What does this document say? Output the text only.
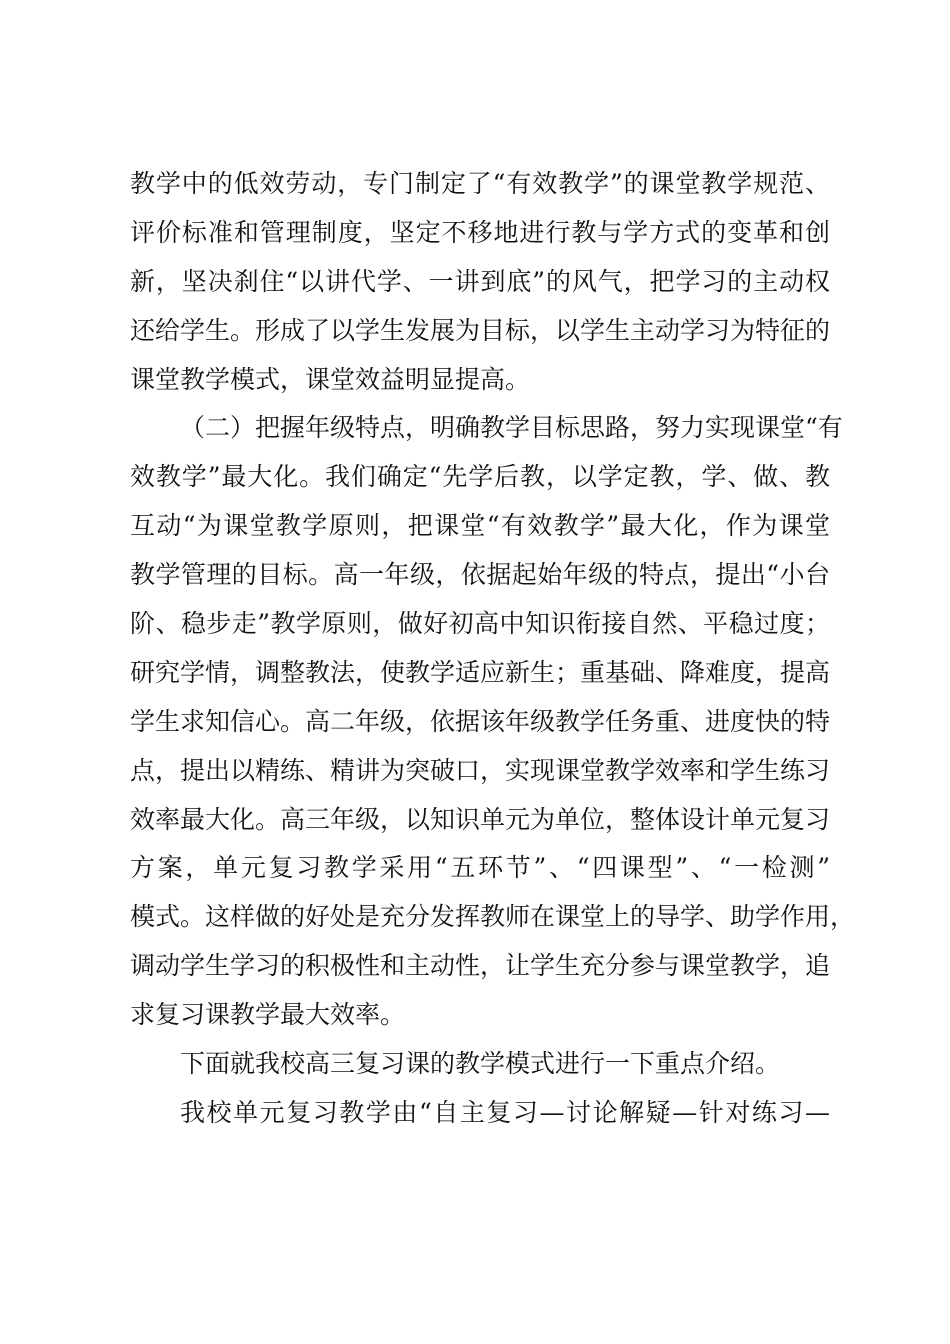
教学中的低效劳动，专门制定了“有效教学”的课堂教学规范、
评价标准和管理制度，坚定不移地进行教与学方式的变革和创
新，坚决刹住“以讲代学、一讲到底”的风气，把学习的主动权
还给学生。形成了以学生发展为目标，以学生主动学习为特征的
课堂教学模式，课堂效益明显提高。
（二）把握年级特点，明确教学目标思路，努力实现课堂“有
效教学”最大化。我们确定“先学后教，以学定教，学、做、教
互动“为课堂教学原则，把课堂“有效教学”最大化，作为课堂
教学管理的目标。高一年级，依据起始年级的特点，提出“小台
阶、稳步走”教学原则，做好初高中知识衔接自然、平稳过度；
研究学情，调整教法，使教学适应新生；重基础、降难度，提高
学生求知信心。高二年级，依据该年级教学任务重、进度快的特
点，提出以精练、精讲为突破口，实现课堂教学效率和学生练习
效率最大化。高三年级，以知识单元为单位，整体设计单元复习
方案，单元复习教学采用“五环节”、“四课型”、“一检测”
模式。这样做的好处是充分发挥教师在课堂上的导学、助学作用，
调动学生学习的积极性和主动性，让学生充分参与课堂教学，追
求复习课教学最大效率。
下面就我校高三复习课的教学模式进行一下重点介绍。
我校单元复习教学由“自主复习—讨论解疑—针对练习—
